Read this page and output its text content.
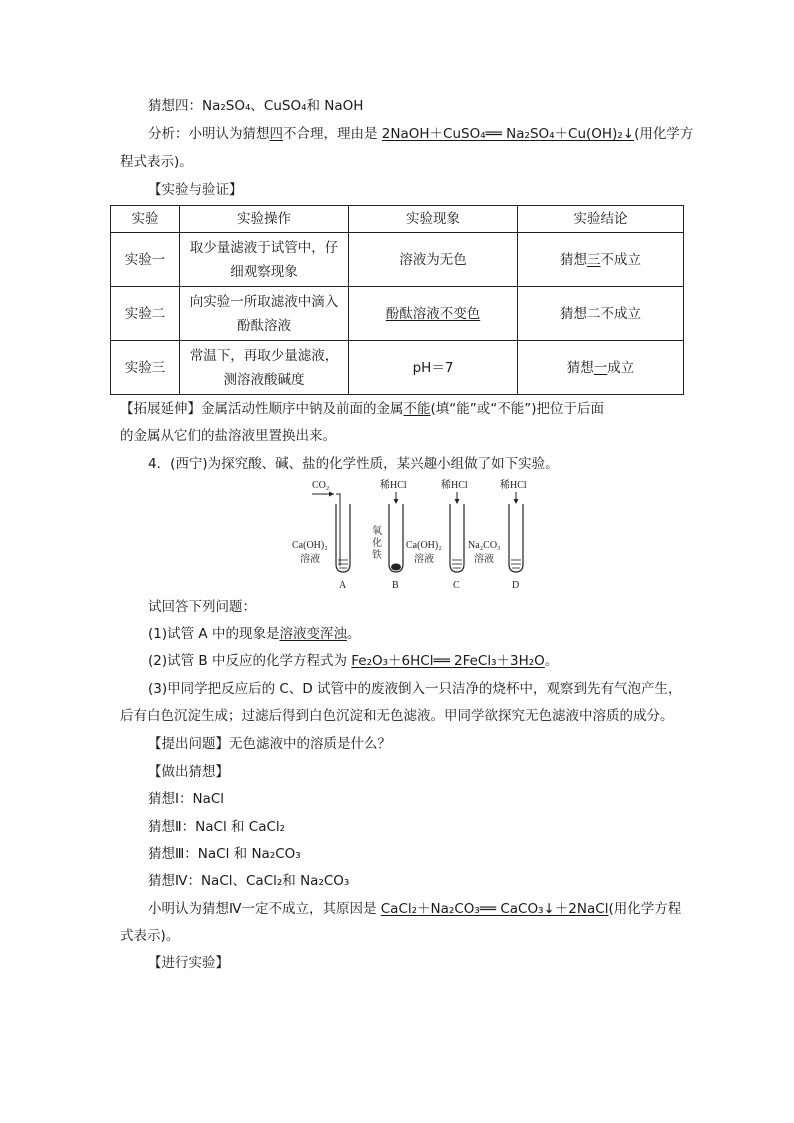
猜想四：Na₂SO₄、CuSO₄和 NaOH
分析：小明认为猜想四不合理，理由是 2NaOH＋CuSO₄══ Na₂SO₄＋Cu(OH)₂↓(用化学方
程式表示)。
【实验与验证】
实验	实验操作	实验现象	实验结论
实验一	取少量滤液于试管中，仔
细观察现象	溶液为无色	猜想三不成立
实验二	向实验一所取滤液中滴入
酚酞溶液	酚酞溶液不变色	猜想二不成立
实验三	常温下，再取少量滤液，
测溶液酸碱度	pH＝7	猜想一成立
【拓展延伸】金属活动性顺序中钠及前面的金属不能(填“能”或“不能”)把位于后面
的金属从它们的盐溶液里置换出来。
4．(西宁)为探究酸、碱、盐的化学性质，某兴趣小组做了如下实验。
CO₂
Ca(OH)₂
溶液
A
稀HCl
氧
化
铁
B
稀HCl
Ca(OH)₂
溶液
C
稀HCl
Na₂CO₃
溶液
D
试回答下列问题：
(1)试管 A 中的现象是溶液变浑浊。
(2)试管 B 中反应的化学方程式为 Fe₂O₃＋6HCl══ 2FeCl₃＋3H₂O。
(3)甲同学把反应后的 C、D 试管中的废液倒入一只洁净的烧杯中，观察到先有气泡产生，
后有白色沉淀生成；过滤后得到白色沉淀和无色滤液。甲同学欲探究无色滤液中溶质的成分。
【提出问题】无色滤液中的溶质是什么？
【做出猜想】
猜想Ⅰ：NaCl
猜想Ⅱ：NaCl 和 CaCl₂
猜想Ⅲ：NaCl 和 Na₂CO₃
猜想Ⅳ：NaCl、CaCl₂和 Na₂CO₃
小明认为猜想Ⅳ一定不成立，其原因是 CaCl₂＋Na₂CO₃══ CaCO₃↓＋2NaCl(用化学方程
式表示)。
【进行实验】
